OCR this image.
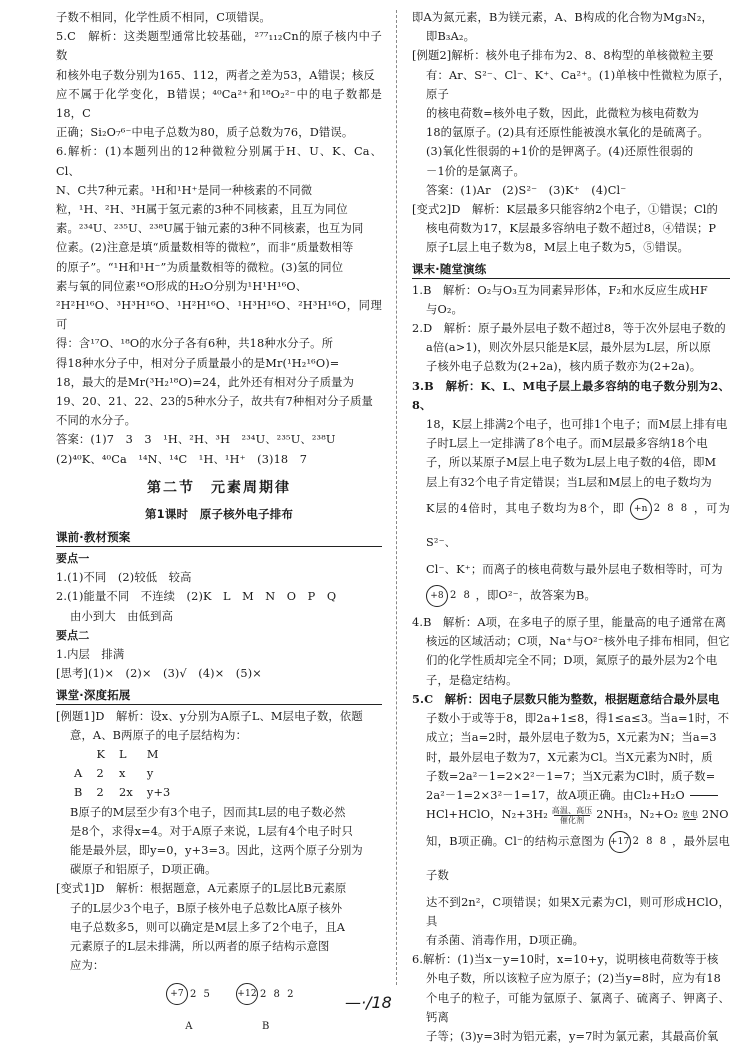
子数不相同，化学性质不相同，C项错误。

5.C　解析：这类题型通常比较基础，²⁷⁷₁₁₂Cn的原子核内中子数

和核外电子数分别为165、112，两者之差为53，A错误；核反

应不属于化学变化，B错误；⁴⁰Ca²⁺和¹⁸O₂²⁻中的电子数都是18，C

正确；Si₂O₇⁶⁻中电子总数为80，质子总数为76，D错误。

6.解析：(1)本题列出的12种微粒分别属于H、U、K、Ca、Cl、

N、C共7种元素。¹H和¹H⁺是同一种核素的不同微

粒，¹H、²H、³H属于氢元素的3种不同核素，且互为同位

素。²³⁴U、²³⁵U、²³⁸U属于铀元素的3种不同核素，也互为同

位素。(2)注意是填“质量数相等的微粒”，而非“质量数相等

的原子”。“¹H和¹H⁻”为质量数相等的微粒。(3)氢的同位

素与氧的同位素¹⁶O形成的H₂O分别为¹H¹H¹⁶O、

²H²H¹⁶O、³H³H¹⁶O、¹H²H¹⁶O、¹H³H¹⁶O、²H³H¹⁶O，同理可

得：含¹⁷O、¹⁸O的水分子各有6种，共18种水分子。所

得18种水分子中，相对分子质量最小的是Mr(¹H₂¹⁶O)=

18，最大的是Mr(³H₂¹⁸O)=24，此外还有相对分子质量为

19、20、21、22、23的5种水分子，故共有7种相对分子质量

不同的水分子。

答案：(1)7　3　3　¹H、²H、³H　²³⁴U、²³⁵U、²³⁸U

(2)⁴⁰K、⁴⁰Ca　¹⁴N、¹⁴C　¹H、¹H⁺　(3)18　7

第二节　元素周期律
第1课时　原子核外电子排布
课前·教材预案
要点一

1.(1)不同　(2)较低　较高

2.(1)能量不同　不连续　(2)K　L　M　N　O　P　Q

由小到大　由低到高

要点二

1.内层　排满

[思考](1)×　(2)×　(3)√　(4)×　(5)×

课堂·深度拓展

[例题1]D　解析：设x、y分别为A原子L、M层电子数，依题

意，A、B两原子的电子层结构为：

	K	L	M
A	2	x	y
B	2	2x	y+3

B原子的M层至少有3个电子，因而其L层的电子数必然

是8个，求得x=4。对于A原子来说，L层有4个电子时只

能是最外层，即y=0，y+3=3。因此，这两个原子分别为

碳原子和铝原子，D项正确。

[变式1]D　解析：根据题意，A元素原子的L层比B元素原

子的L层少3个电子，B原子核外电子总数比A原子核外

电子总数多5，则可以确定是M层上多了2个电子，且A

元素原子的L层未排满，所以两者的原子结构示意图

应为：

+7 2 5
A
+12 2 8 2
B

即A为氮元素，B为镁元素，A、B构成的化合物为Mg₃N₂，

即B₃A₂。

[例题2]解析：核外电子排布为2、8、8构型的单核微粒主要

有：Ar、S²⁻、Cl⁻、K⁺、Ca²⁺。(1)单核中性微粒为原子，原子

的核电荷数=核外电子数，因此，此微粒为核电荷数为

18的氩原子。(2)具有还原性能被溴水氧化的是硫离子。

(3)氧化性很弱的+1价的是钾离子。(4)还原性很弱的

－1价的是氯离子。

答案：(1)Ar　(2)S²⁻　(3)K⁺　(4)Cl⁻

[变式2]D　解析：K层最多只能容纳2个电子，①错误；Cl的

核电荷数为17，K层最多容纳电子数不超过8，④错误；P

原子L层上电子数为8，M层上电子数为5，⑤错误。

课末·随堂演练

1.B　解析：O₂与O₃互为同素异形体，F₂和水反应生成HF

与O₂。

2.D　解析：原子最外层电子数不超过8，等于次外层电子数的

a倍(a>1)，则次外层只能是K层，最外层为L层，所以原

子核外电子总数为(2+2a)，核内质子数亦为(2+2a)。

3.B　解析：K、L、M电子层上最多容纳的电子数分别为2、8、

18，K层上排满2个电子，也可排1个电子；而M层上排有电

子时L层上一定排满了8个电子。而M层最多容纳18个电

子，所以某原子M层上电子数为L层上电子数的4倍，即M

层上有32个电子肯定错误；当L层和M层上的电子数均为

K层的4倍时，其电子数均为8个，即 +n 2 8 8 ，可为S²⁻、

Cl⁻、K⁺；而离子的核电荷数与最外层电子数相等时，可为

+8 2 8 ，即O²⁻，故答案为B。

4.B　解析：A项，在多电子的原子里，能量高的电子通常在离

核远的区域活动；C项，Na⁺与O²⁻核外电子排布相同，但它

们的化学性质却完全不同；D项，氮原子的最外层为2个电

子，是稳定结构。

5.C　解析：因电子层数只能为整数，根据题意结合最外层电

子数小于或等于8，即2a+1≤8，得1≤a≤3。当a=1时，不

成立；当a=2时，最外层电子数为5，X元素为N；当a=3

时，最外层电子数为7，X元素为Cl。当X元素为N时，质

子数=2a²－1=2×2²－1=7；当X元素为Cl时，质子数=

2a²－1=2×3²－1=17，故A项正确。由Cl₂+H₂O

HCl+HClO，N₂+3H₂ 高温、高压
催化剂 2NH₃，N₂+O₂ 放电 2NO

知，B项正确。Cl⁻的结构示意图为 +17 2 8 8 ，最外层电子数

达不到2n²，C项错误；如果X元素为Cl，则可形成HClO，具

有杀菌、消毒作用，D项正确。

6.解析：(1)当x－y=10时，x=10+y，说明核电荷数等于核

外电子数，所以该粒子应为原子；(2)当y=8时，应为有18

个电子的粒子，可能为氩原子、氯离子、硫离子、钾离子、钙离

子等；(3)y=3时为铝元素，y=7时为氯元素，其最高价氧

—·/18
